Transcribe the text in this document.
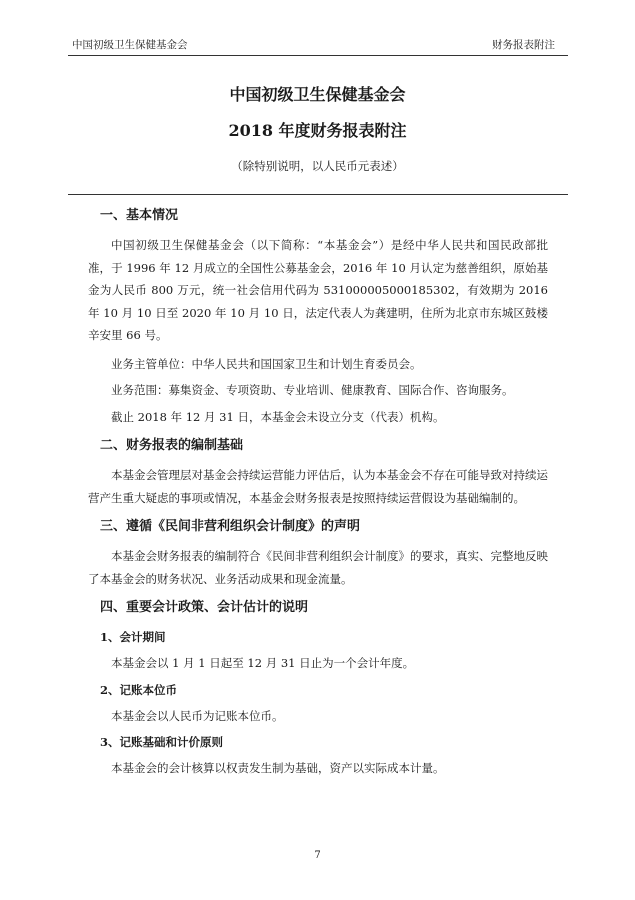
中国初级卫生保健基金会	财务报表附注
中国初级卫生保健基金会
2018 年度财务报表附注
（除特别说明，以人民币元表述）
一、基本情况

中国初级卫生保健基金会（以下简称：“本基金会”）是经中华人民共和国民政部批准，于 1996 年 12 月成立的全国性公募基金会，2016 年 10 月认定为慈善组织，原始基金为人民币 800 万元，统一社会信用代码为 53100000500018530​2，有效期为 2016 年 10 月 10 日至 2020 年 10 月 10 日，法定代表人为龚建明，住所为北京市东城区鼓楼辛安里 66 号。

业务主管单位：中华人民共和国国家卫生和计划生育委员会。

业务范围：募集资金、专项资助、专业培训、健康教育、国际合作、咨询服务。

截止 2018 年 12 月 31 日，本基金会未设立分支（代表）机构。

二、财务报表的编制基础

本基金会管理层对基金会持续运营能力评估后，认为本基金会不存在可能导致对持续运营产生重大疑虑的事项或情况，本基金会财务报表是按照持续运营假设为基础编制的。

三、遵循《民间非营利组织会计制度》的声明

本基金会财务报表的编制符合《民间非营利组织会计制度》的要求，真实、完整地反映了本基金会的财务状况、业务活动成果和现金流量。

四、重要会计政策、会计估计的说明
1、会计期间

本基金会以 1 月 1 日起至 12 月 31 日止为一个会计年度。

2、记账本位币

本基金会以人民币为记账本位币。

3、记账基础和计价原则

本基金会的会计核算以权责发生制为基础，资产以实际成本计量。

7
